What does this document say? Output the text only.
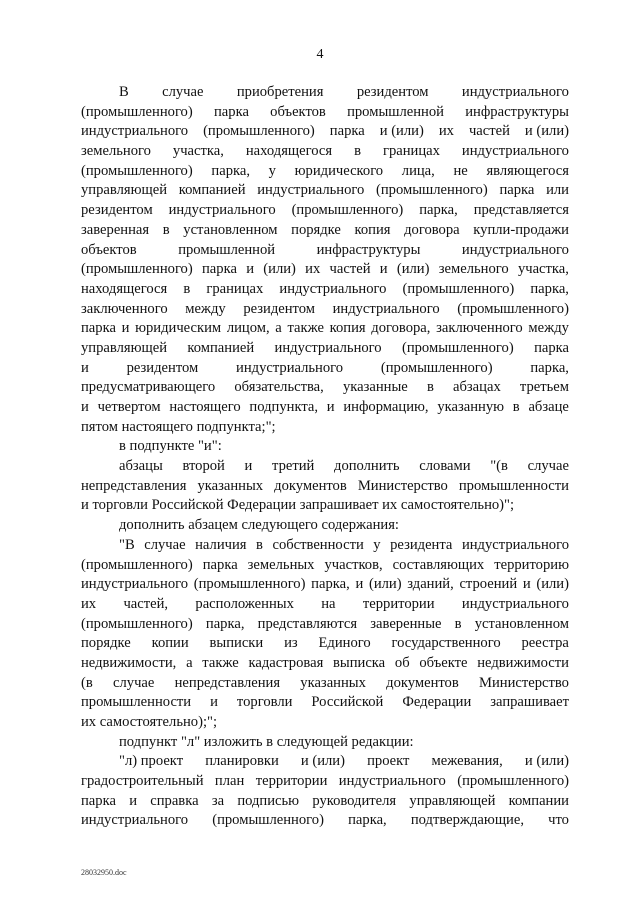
4
В случае приобретения резидентом индустриального
(промышленного) парка объектов промышленной инфраструктуры
индустриального (промышленного) парка и (или) их частей и (или)
земельного участка, находящегося в границах индустриального
(промышленного) парка, у юридического лица, не являющегося
управляющей компанией индустриального (промышленного) парка или
резидентом индустриального (промышленного) парка, представляется
заверенная в установленном порядке копия договора купли-продажи
объектов	промышленной	инфраструктуры	индустриального
(промышленного) парка и (или) их частей и (или) земельного участка,
находящегося в границах индустриального (промышленного) парка,
заключенного между резидентом индустриального (промышленного)
парка и юридическим лицом, а также копия договора, заключенного между
управляющей компанией индустриального (промышленного) парка
и	резидентом	индустриального	(промышленного)	парка,
предусматривающего обязательства, указанные в абзацах третьем
и четвертом настоящего подпункта, и информацию, указанную в абзаце
пятом настоящего подпункта;";
в подпункте "и":
абзацы второй и третий дополнить словами "(в случае
непредставления указанных документов Министерство промышленности
и торговли Российской Федерации запрашивает их самостоятельно)";
дополнить абзацем следующего содержания:
"В случае наличия в собственности у резидента индустриального
(промышленного) парка земельных участков, составляющих территорию
индустриального (промышленного) парка, и (или) зданий, строений и (или)
их частей, расположенных на территории индустриального
(промышленного) парка, представляются заверенные в установленном
порядке копии выписки из Единого государственного реестра
недвижимости, а также кадастровая выписка об объекте недвижимости
(в случае непредставления указанных документов Министерство
промышленности и торговли Российской Федерации запрашивает
их самостоятельно);";
подпункт "л" изложить в следующей редакции:
"л) проект планировки и (или) проект межевания, и (или)
градостроительный план территории индустриального (промышленного)
парка и справка за подписью руководителя управляющей компании
индустриального (промышленного) парка, подтверждающие, что
28032950.doc
